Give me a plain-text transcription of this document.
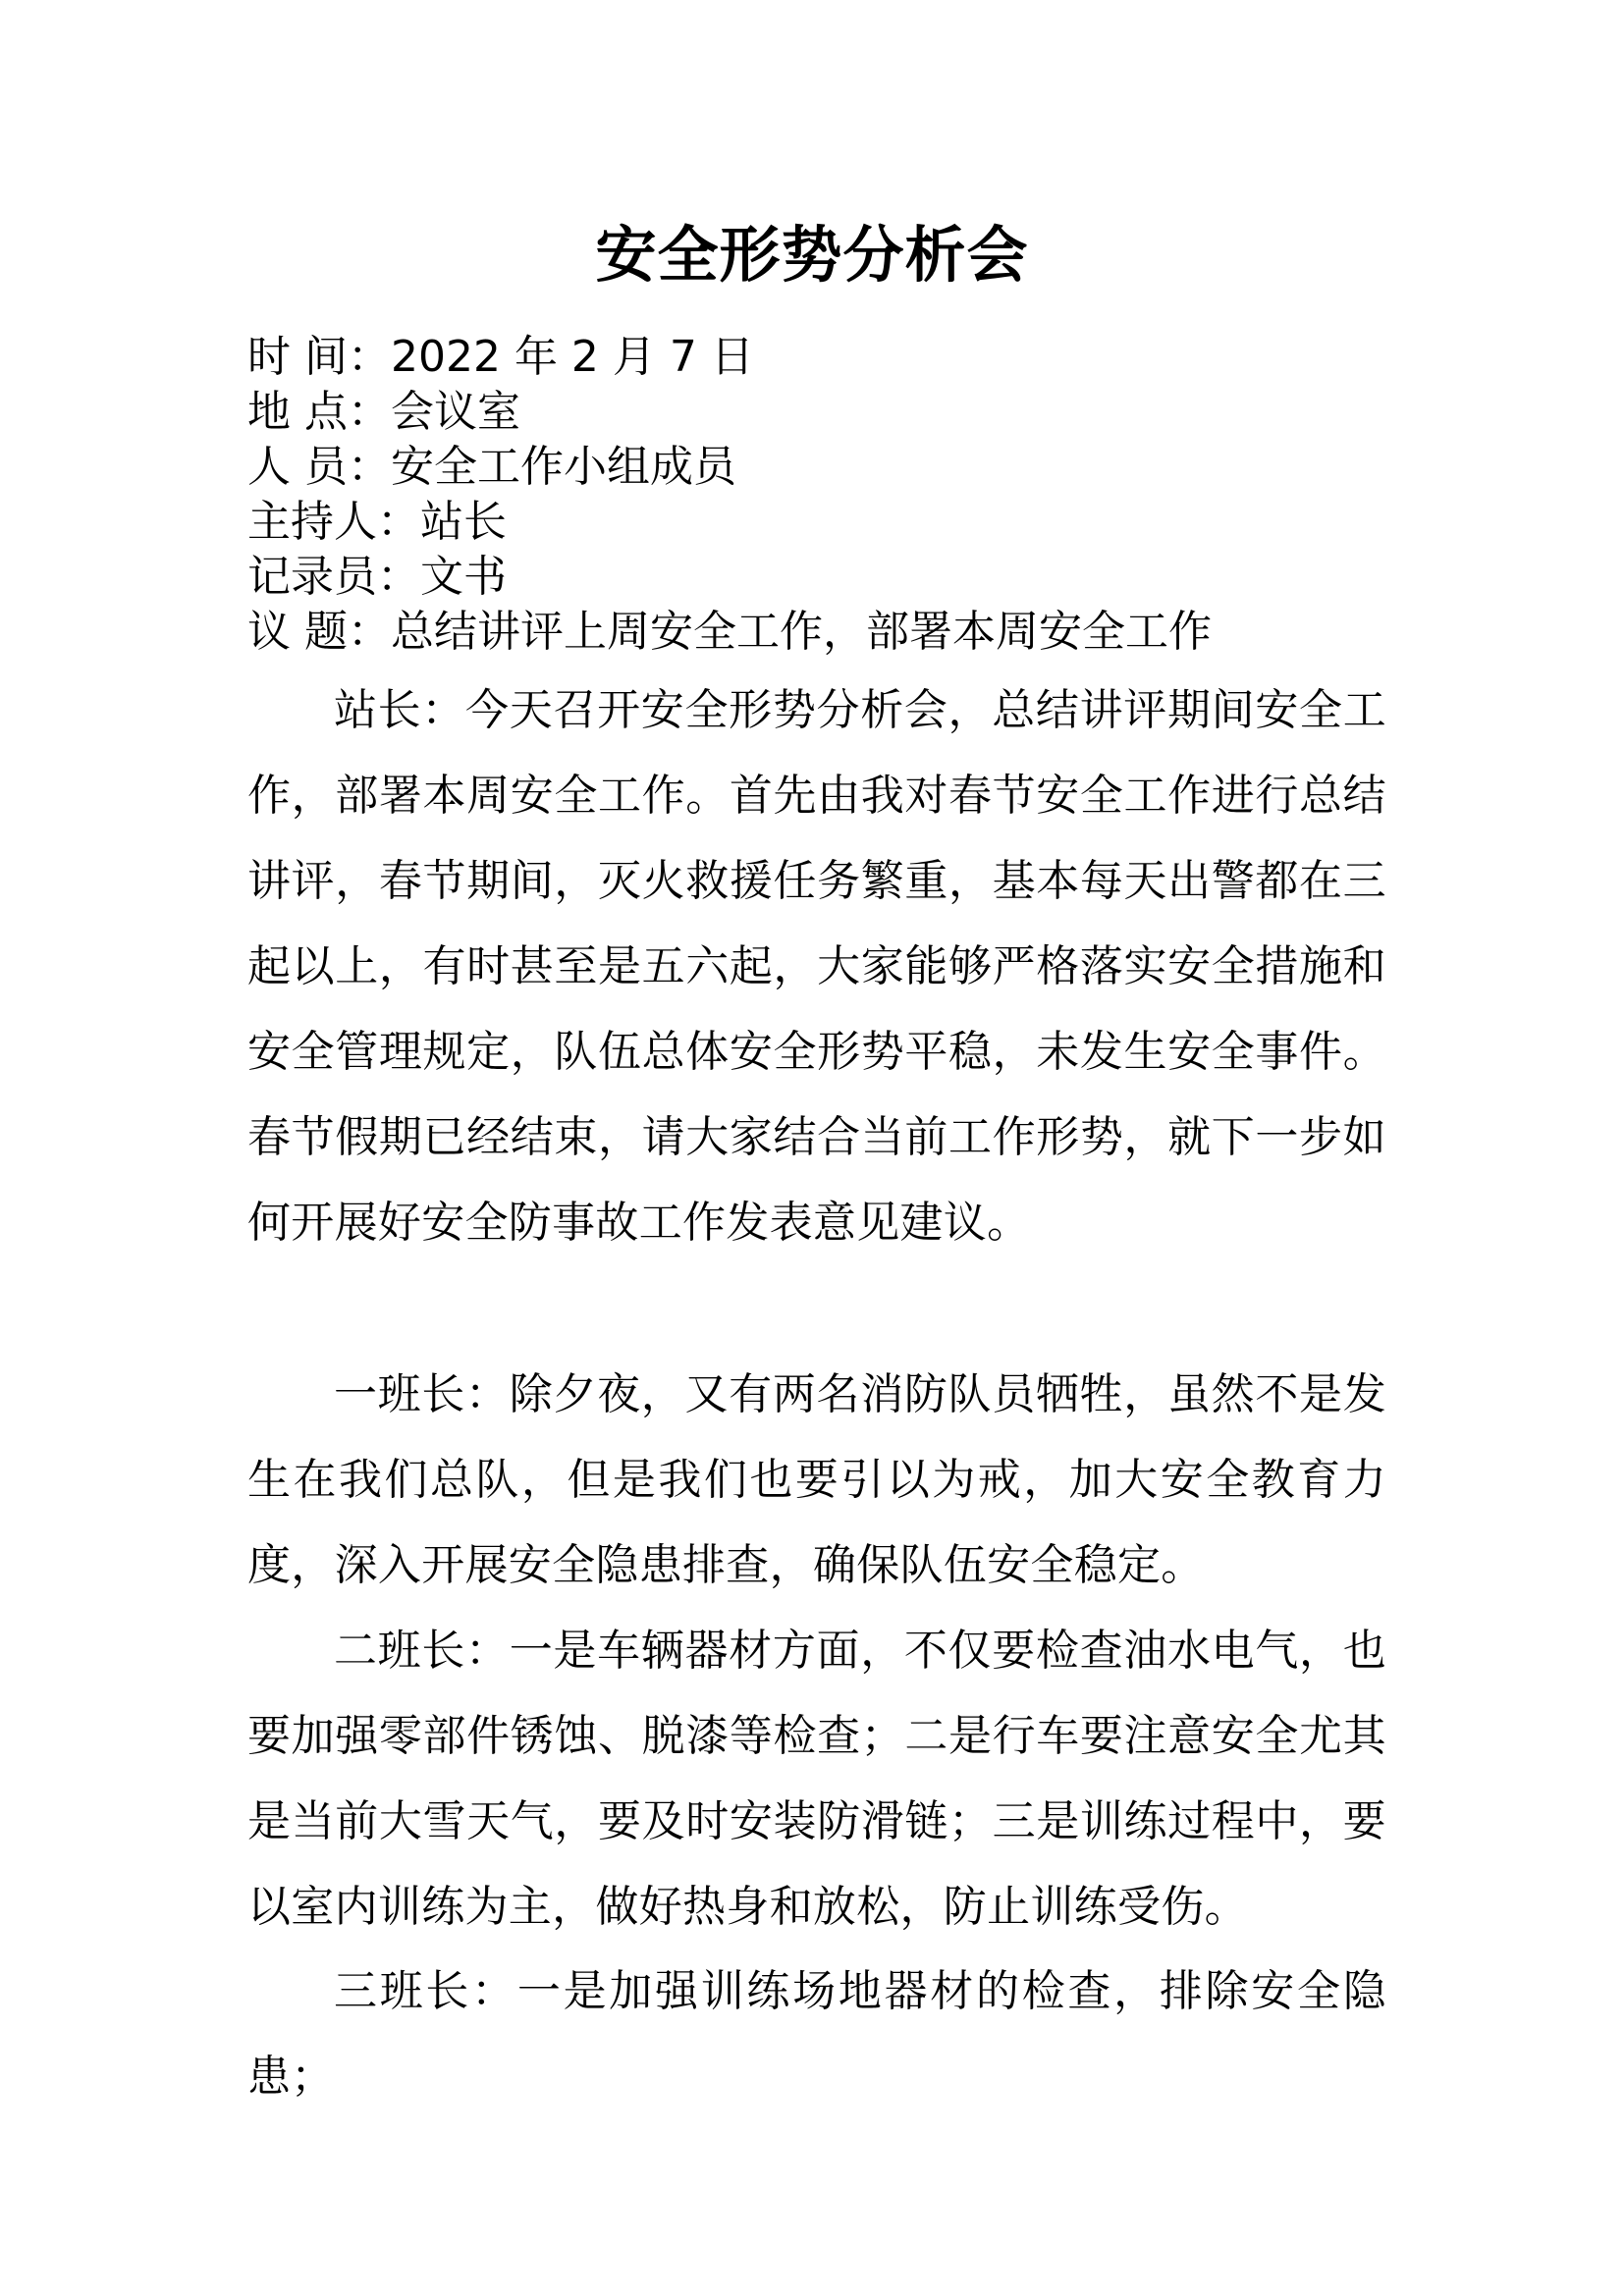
安全形势分析会
时 间：2022 年 2 月 7 日
地 点：会议室
人 员：安全工作小组成员
主持人：站长
记录员：文书
议 题：总结讲评上周安全工作，部署本周安全工作

站长：今天召开安全形势分析会，总结讲评期间安全工作，部署本周安全工作。首先由我对春节安全工作进行总结讲评，春节期间，灭火救援任务繁重，基本每天出警都在三起以上，有时甚至是五六起，大家能够严格落实安全措施和安全管理规定，队伍总体安全形势平稳，未发生安全事件。春节假期已经结束，请大家结合当前工作形势，就下一步如何开展好安全防事故工作发表意见建议。

一班长：除夕夜，又有两名消防队员牺牲，虽然不是发生在我们总队，但是我们也要引以为戒，加大安全教育力度，深入开展安全隐患排查，确保队伍安全稳定。

二班长：一是车辆器材方面，不仅要检查油水电气，也要加强零部件锈蚀、脱漆等检查；二是行车要注意安全尤其是当前大雪天气，要及时安装防滑链；三是训练过程中，要以室内训练为主，做好热身和放松，防止训练受伤。

三班长：一是加强训练场地器材的检查，排除安全隐患；
